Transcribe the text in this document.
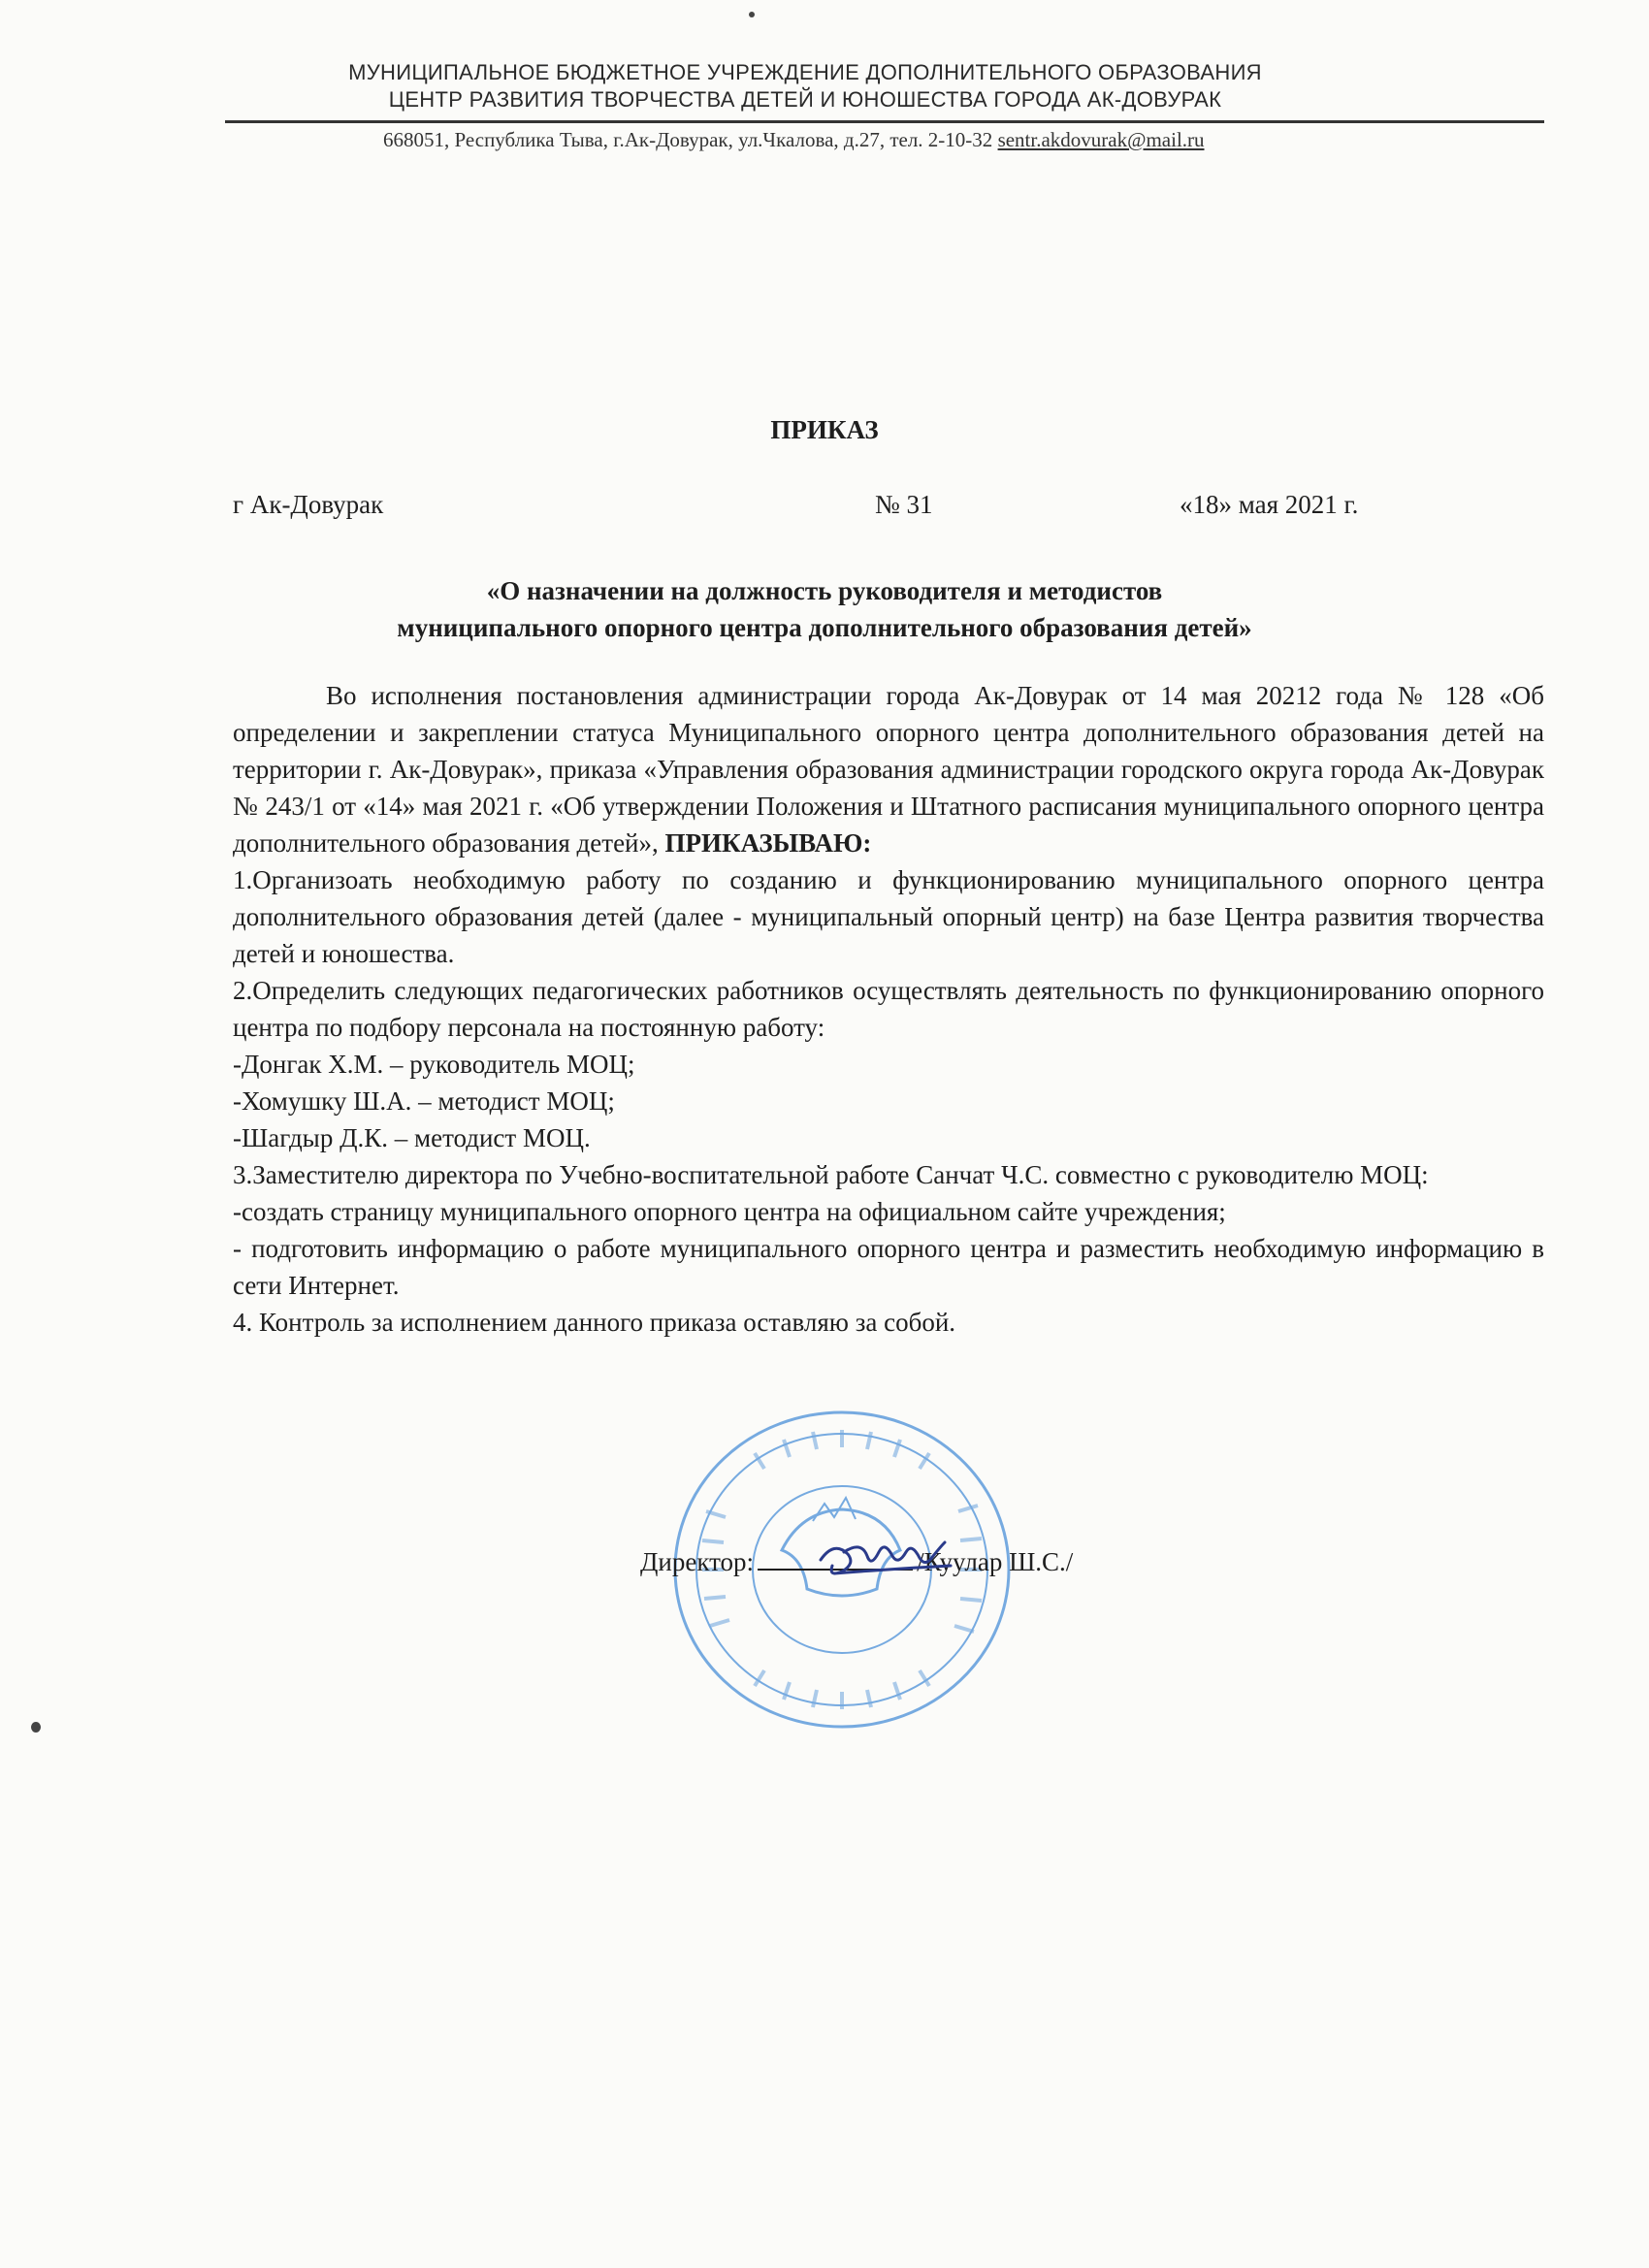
МУНИЦИПАЛЬНОЕ БЮДЖЕТНОЕ УЧРЕЖДЕНИЕ ДОПОЛНИТЕЛЬНОГО ОБРАЗОВАНИЯ
ЦЕНТР РАЗВИТИЯ ТВОРЧЕСТВА ДЕТЕЙ И ЮНОШЕСТВА ГОРОДА АК-ДОВУРАК
668051, Республика Тыва, г.Ак-Довурак, ул.Чкалова, д.27, тел. 2-10-32 sentr.akdovurak@mail.ru
ПРИКАЗ
г Ак-Довурак	№ 31	«18» мая 2021 г.
«О назначении на должность руководителя и методистов
муниципального опорного центра дополнительного образования детей»

Во исполнения постановления администрации города Ак-Довурак от 14 мая 20212 года № 128 «Об определении и закреплении статуса Муниципального опорного центра дополнительного образования детей на территории г. Ак-Довурак», приказа «Управления образования администрации городского округа города Ак-Довурак № 243/1 от «14» мая 2021 г. «Об утверждении Положения и Штатного расписания муниципального опорного центра дополнительного образования детей», ПРИКАЗЫВАЮ:

1.Организоать необходимую работу по созданию и функционированию муниципального опорного центра дополнительного образования детей (далее - муниципальный опорный центр) на базе Центра развития творчества детей и юношества.

2.Определить следующих педагогических работников осуществлять деятельность по функционированию опорного центра по подбору персонала на постоянную работу:

-Донгак Х.М. – руководитель МОЦ;

-Хомушку Ш.А. – методист МОЦ;

-Шагдыр Д.К. – методист МОЦ.

3.Заместителю директора по Учебно-воспитательной работе Санчат Ч.С. совместно с руководителю МОЦ:

-создать страницу муниципального опорного центра на официальном сайте учреждения;

- подготовить информацию о работе муниципального опорного центра и разместить необходимую информацию в сети Интернет.

4. Контроль за исполнением данного приказа оставляю за собой.

Директор:	/Куулар Ш.С./
